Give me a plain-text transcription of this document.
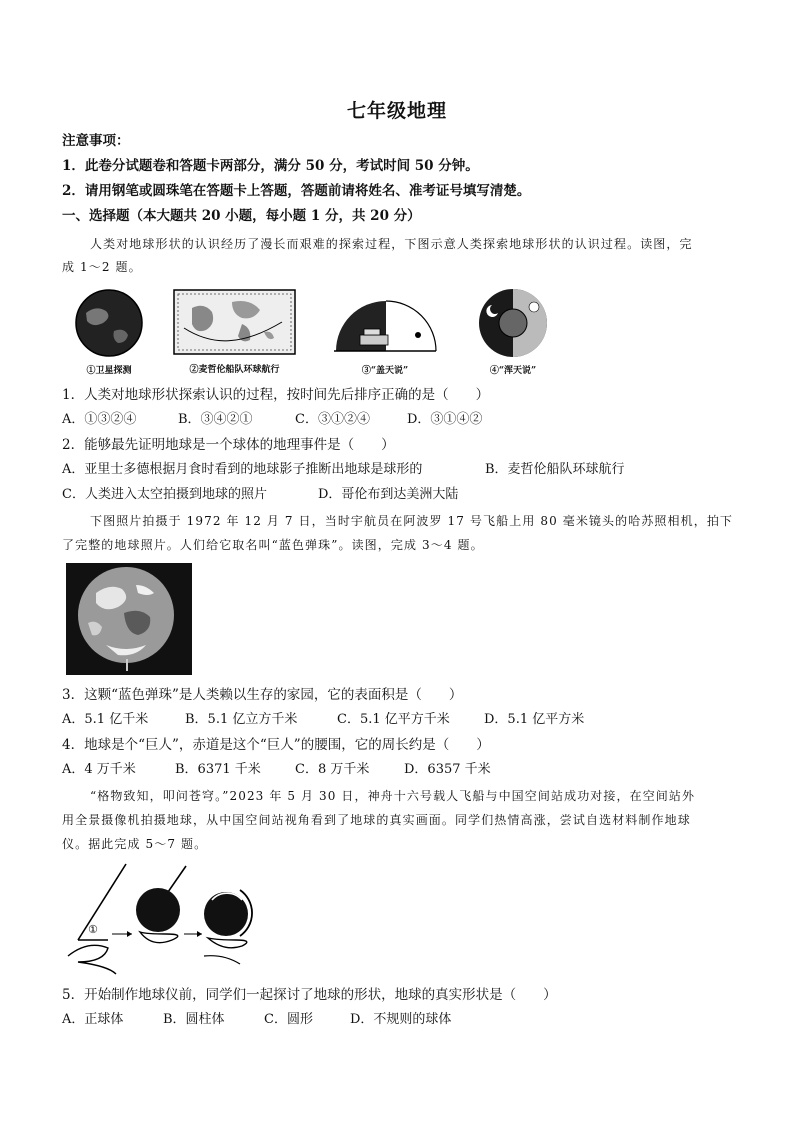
七年级地理
注意事项：
1．此卷分试题卷和答题卡两部分，满分 50 分，考试时间 50 分钟。
2．请用钢笔或圆珠笔在答题卡上答题，答题前请将姓名、准考证号填写清楚。
一、选择题（本大题共 20 小题，每小题 1 分，共 20 分）
人类对地球形状的认识经历了漫长而艰难的探索过程，下图示意人类探索地球形状的认识过程。读图，完
成 1～2 题。
①卫星探测	②麦哲伦船队环球航行	③“盖天说”	④“浑天说”
1．人类对地球形状探索认识的过程，按时间先后排序正确的是（　　）
A．①③②④	B．③④②①	C．③①②④	D．③①④②
2．能够最先证明地球是一个球体的地理事件是（　　）
A．亚里士多德根据月食时看到的地球影子推断出地球是球形的	B．麦哲伦船队环球航行
C．人类进入太空拍摄到地球的照片	D．哥伦布到达美洲大陆
下图照片拍摄于 1972 年 12 月 7 日，当时宇航员在阿波罗 17 号飞船上用 80 毫米镜头的哈苏照相机，拍下
了完整的地球照片。人们给它取名叫“蓝色弹珠”。读图，完成 3～4 题。
3．这颗“蓝色弹珠”是人类赖以生存的家园，它的表面积是（　　）
A．5.1 亿千米	B．5.1 亿立方千米	C．5.1 亿平方千米	D．5.1 亿平方米
4．地球是个“巨人”，赤道是这个“巨人”的腰围，它的周长约是（　　）
A．4 万千米	B．6371 千米	C．8 万千米	D．6357 千米
“格物致知，叩问苍穹。”2023 年 5 月 30 日，神舟十六号载人飞船与中国空间站成功对接，在空间站外
用全景摄像机拍摄地球，从中国空间站视角看到了地球的真实画面。同学们热情高涨，尝试自选材料制作地球
仪。据此完成 5～7 题。
①
5．开始制作地球仪前，同学们一起探讨了地球的形状，地球的真实形状是（　　）
A．正球体	B．圆柱体	C．圆形	D．不规则的球体
